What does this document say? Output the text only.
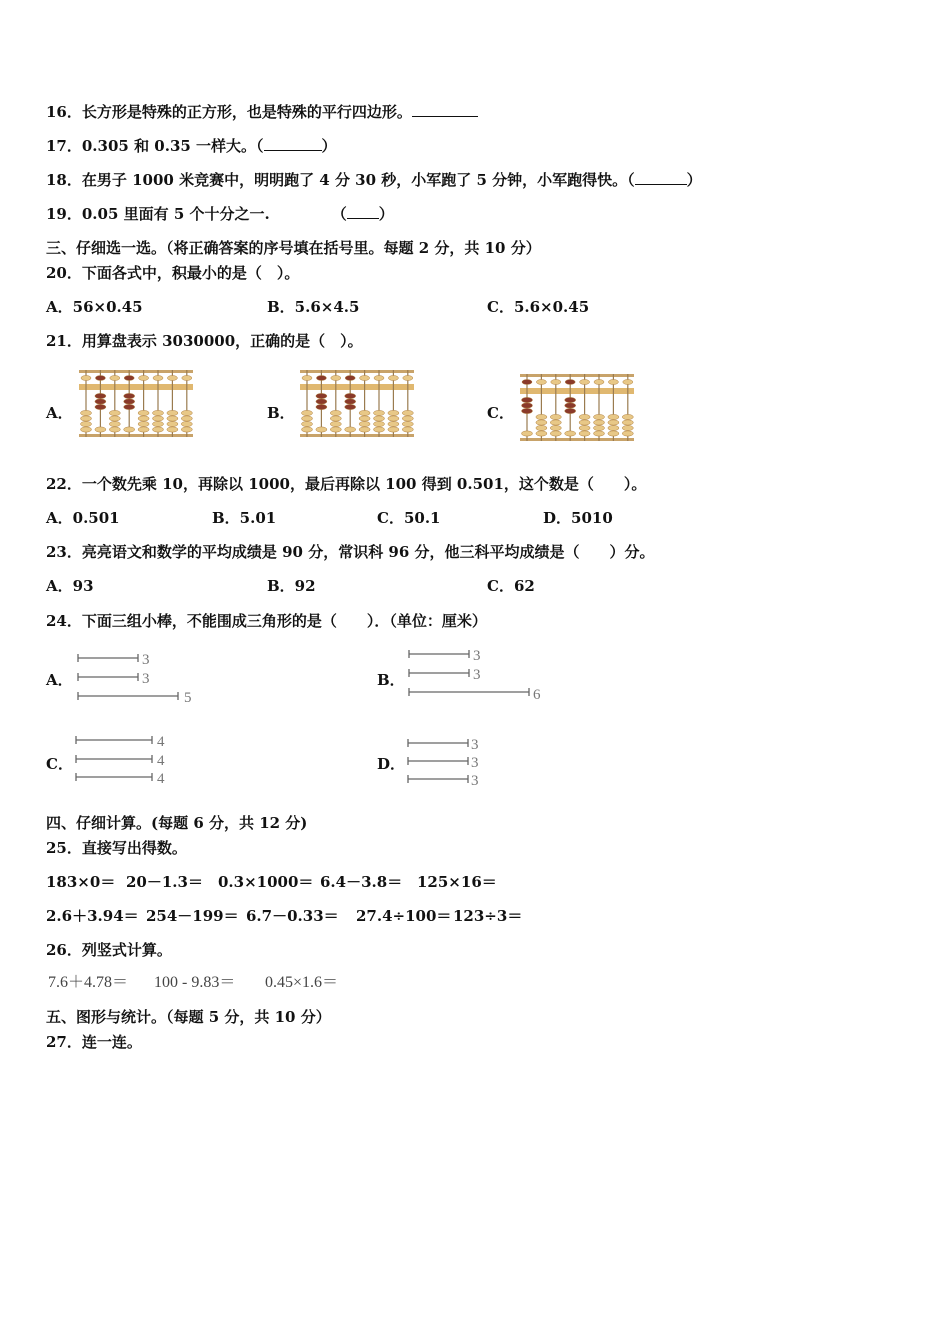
16．长方形是特殊的正方形，也是特殊的平行四边形。
17．0.305 和 0.35 一样大。（	）
18．在男子 1000 米竞赛中，明明跑了 4 分 30 秒，小军跑了 5 分钟，小军跑得快。（	）
19．0.05 里面有 5 个十分之一.	（ ）
三、仔细选一选。（将正确答案的序号填在括号里。每题 2 分，共 10 分）
20．下面各式中，积最小的是（　）。
A．56×0.45	B．5.6×4.5	C．5.6×0.45
21．用算盘表示 3030000，正确的是（　）。
A．	B．	C．
22．一个数先乘 10，再除以 1000，最后再除以 100 得到 0.501，这个数是（　　）。
A．0.501	B．5.01	C．50.1	D．5010
23．亮亮语文和数学的平均成绩是 90 分，常识科 96 分，他三科平均成绩是（　　）分。
A．93	B．92	C．62
24．下面三组小棒，不能围成三角形的是（　　）．（单位：厘米）
A．	B．
C．	D．
3
3
5
3
3
6
4
4
4
3
3
3
四、仔细计算。(每题 6 分，共 12 分)
25．直接写出得数。
183×0＝ 20－1.3＝ 0.3×1000＝ 6.4－3.8＝ 125×16＝
2.6＋3.94＝ 254－199＝ 6.7－0.33＝ 27.4÷100＝ 123÷3＝
26．列竖式计算。
7.6＋4.78＝ 100 - 9.83＝ 0.45×1.6＝
五、图形与统计。（每题 5 分，共 10 分）
27．连一连。
